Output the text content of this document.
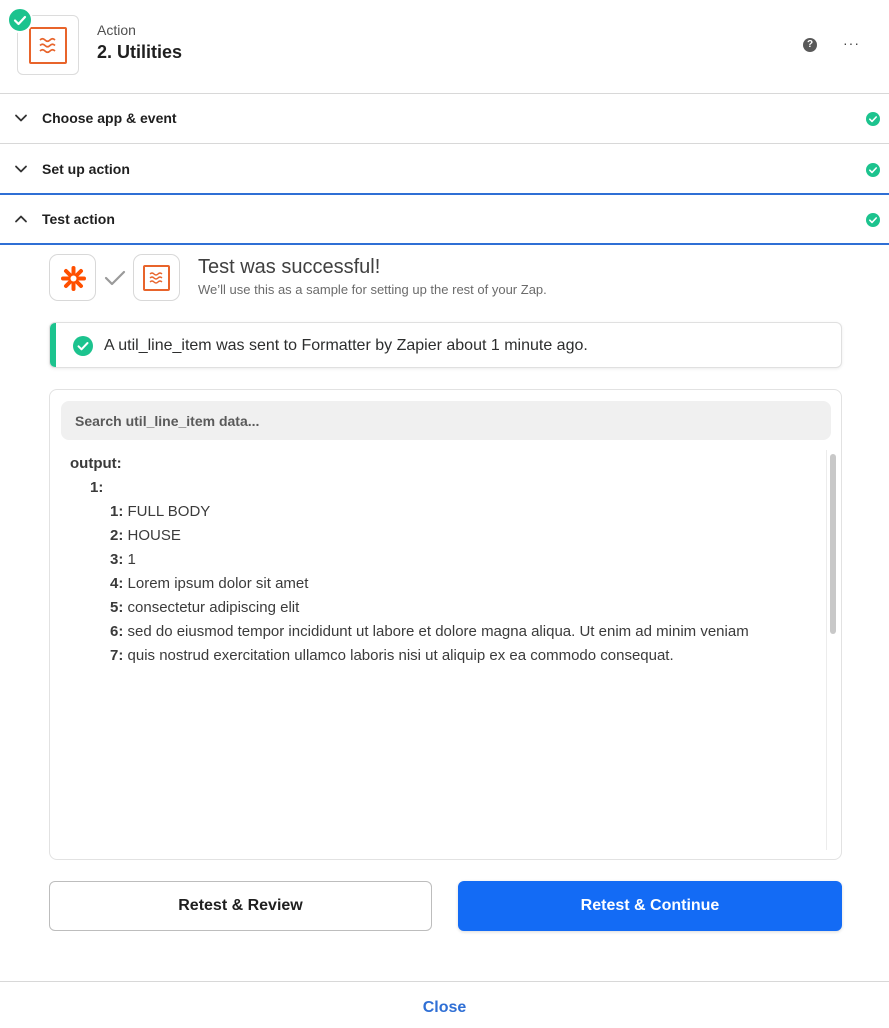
Action
2. Utilities	? ···
Choose app & event
Set up action
Test action
Test was successful!
We’ll use this as a sample for setting up the rest of your Zap.
A util_line_item was sent to Formatter by Zapier about 1 minute ago.
Search util_line_item data...
output:
1:
1: FULL BODY
2: HOUSE
3: 1
4: Lorem ipsum dolor sit amet
5: consectetur adipiscing elit
6: sed do eiusmod tempor incididunt ut labore et dolore magna aliqua. Ut enim ad minim veniam
7: quis nostrud exercitation ullamco laboris nisi ut aliquip ex ea commodo consequat.
Retest & Review	Retest & Continue
Close
